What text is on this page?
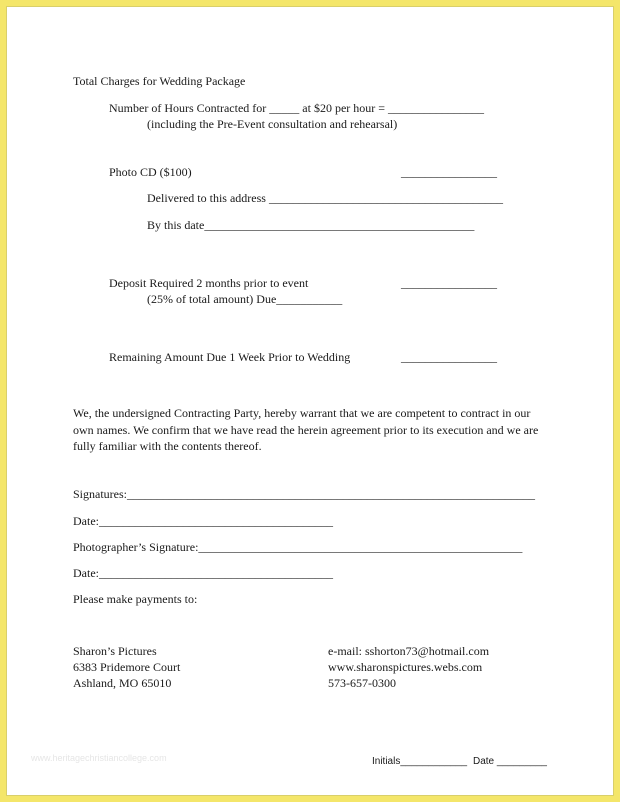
Total Charges for Wedding Package
Number of Hours Contracted for _____ at $20 per hour = ________________
(including the Pre-Event consultation and rehearsal)
Photo CD ($100)	________________
Delivered to this address _______________________________________
By this date_____________________________________________
Deposit Required 2 months prior to event	________________
(25% of total amount) Due___________
Remaining Amount Due 1 Week Prior to Wedding	________________
We, the undersigned Contracting Party, hereby warrant that we are competent to contract in our own names. We confirm that we have read the herein agreement prior to its execution and we are fully familiar with the contents thereof.
Signatures:____________________________________________________________________
Date:_______________________________________
Photographer’s Signature:______________________________________________________
Date:_______________________________________
Please make payments to:
Sharon’s Pictures
6383 Pridemore Court
Ashland, MO 65010
e-mail: sshorton73@hotmail.com
www.sharonspictures.webs.com
573-657-0300
Initials____________ Date _________
www.heritagechristiancollege.com
